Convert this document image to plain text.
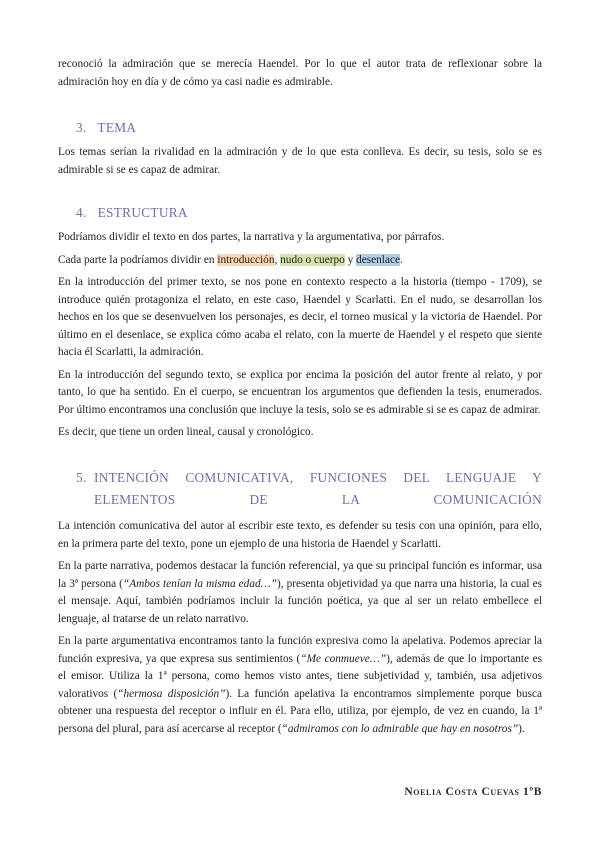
reconoció la admiración que se merecía Haendel. Por lo que el autor trata de reflexionar sobre la admiración hoy en día y de cómo ya casi nadie es admirable.

3. TEMA

Los temas serían la rivalidad en la admiración y de lo que esta conlleva. Es decir, su tesis, solo se es admirable si se es capaz de admirar.

4. ESTRUCTURA

Podríamos dividir el texto en dos partes, la narrativa y la argumentativa, por párrafos.

Cada parte la podríamos dividir en introducción, nudo o cuerpo y desenlace.

En la introducción del primer texto, se nos pone en contexto respecto a la historia (tiempo - 1709), se introduce quién protagoniza el relato, en este caso, Haendel y Scarlatti. En el nudo, se desarrollan los hechos en los que se desenvuelven los personajes, es decir, el torneo musical y la victoria de Haendel. Por último en el desenlace, se explica cómo acaba el relato, con la muerte de Haendel y el respeto que siente hacia él Scarlatti, la admiración.

En la introducción del segundo texto, se explica por encima la posición del autor frente al relato, y por tanto, lo que ha sentido. En el cuerpo, se encuentran los argumentos que defienden la tesis, enumerados. Por último encontramos una conclusión que incluye la tesis, solo se es admirable si se es capaz de admirar.

Es decir, que tiene un orden lineal, causal y cronológico.

5. INTENCIÓN COMUNICATIVA, FUNCIONES DEL LENGUAJE Y
ELEMENTOS DE LA COMUNICACIÓN

La intención comunicativa del autor al escribir este texto, es defender su tesis con una opinión, para ello, en la primera parte del texto, pone un ejemplo de una historia de Haendel y Scarlatti.

En la parte narrativa, podemos destacar la función referencial, ya que su principal función es informar, usa la 3ª persona (“Ambos tenían la misma edad…”), presenta objetividad ya que narra una historia, la cual es el mensaje. Aquí, también podríamos incluir la función poética, ya que al ser un relato embellece el lenguaje, al tratarse de un relato narrativo.

En la parte argumentativa encontramos tanto la función expresiva como la apelativa. Podemos apreciar la función expresiva, ya que expresa sus sentimientos (“Me conmueve…”), además de que lo importante es el emisor. Utiliza la 1ª persona, como hemos visto antes, tiene subjetividad y, también, usa adjetivos valorativos (“hermosa disposición”). La función apelativa la encontramos simplemente porque busca obtener una respuesta del receptor o influir en él. Para ello, utiliza, por ejemplo, de vez en cuando, la 1ª persona del plural, para así acercarse al receptor (“admiramos con lo admirable que hay en nosotros”).

Noelia Costa Cuevas 1ºB
